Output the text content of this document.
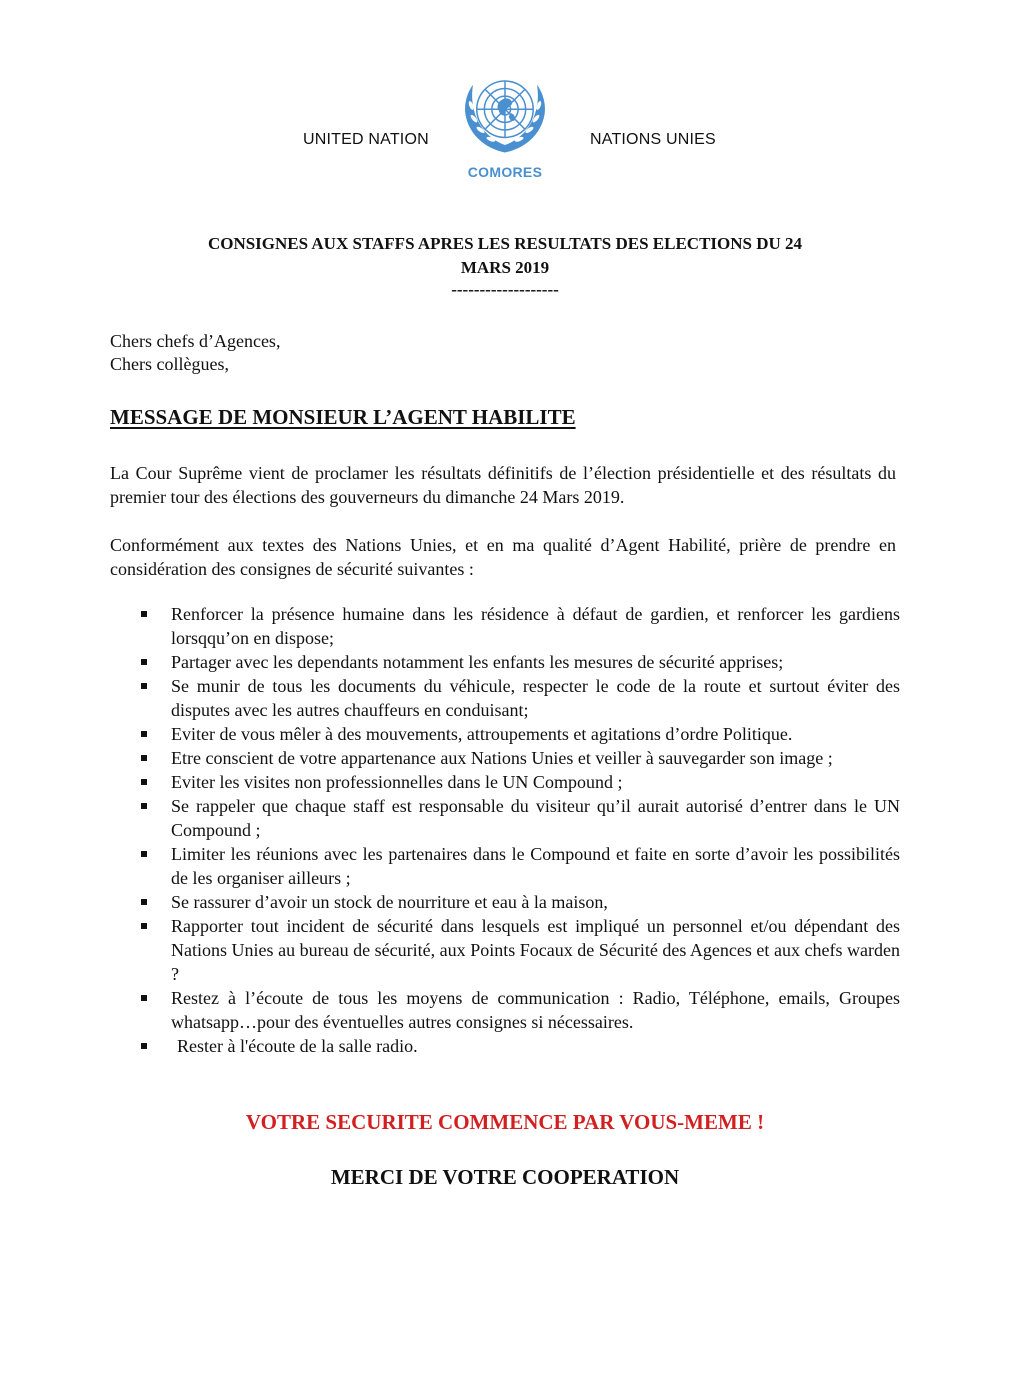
UNITED NATION
COMORES
NATIONS UNIES
CONSIGNES AUX STAFFS APRES LES RESULTATS DES ELECTIONS DU 24
MARS 2019
-------------------
Chers chefs d’Agences,
Chers collègues,
MESSAGE DE MONSIEUR L’AGENT HABILITE
La Cour Suprême vient de proclamer les résultats définitifs de l’élection présidentielle et des résultats du premier tour des élections des gouverneurs du dimanche 24 Mars 2019.
Conformément aux textes des Nations Unies, et en ma qualité d’Agent Habilité, prière de prendre en considération des consignes de sécurité suivantes :
Renforcer la présence humaine dans les résidence à défaut de gardien, et renforcer les gardiens lorsqqu’on en dispose;
Partager avec les dependants notamment les enfants les mesures de sécurité apprises;
Se munir de tous les documents du véhicule, respecter le code de la route et surtout éviter des disputes avec les autres chauffeurs en conduisant;
Eviter de vous mêler à des mouvements, attroupements et agitations d’ordre Politique.
Etre conscient de votre appartenance aux Nations Unies et veiller à sauvegarder son image ;
Eviter les visites non professionnelles dans le UN Compound ;
Se rappeler que chaque staff est responsable du visiteur qu’il aurait autorisé d’entrer dans le UN Compound ;
Limiter les réunions avec les partenaires dans le Compound et faite en sorte d’avoir les possibilités de les organiser ailleurs ;
Se rassurer d’avoir un stock de nourriture et eau à la maison,
Rapporter tout incident de sécurité dans lesquels est impliqué un personnel et/ou dépendant des Nations Unies au bureau de sécurité, aux Points Focaux de Sécurité des Agences et aux chefs warden ?
Restez à l’écoute de tous les moyens de communication : Radio, Téléphone, emails, Groupes whatsapp…pour des éventuelles autres consignes si nécessaires.
Rester à l'écoute de la salle radio.
VOTRE SECURITE COMMENCE PAR VOUS-MEME !
MERCI DE VOTRE COOPERATION
